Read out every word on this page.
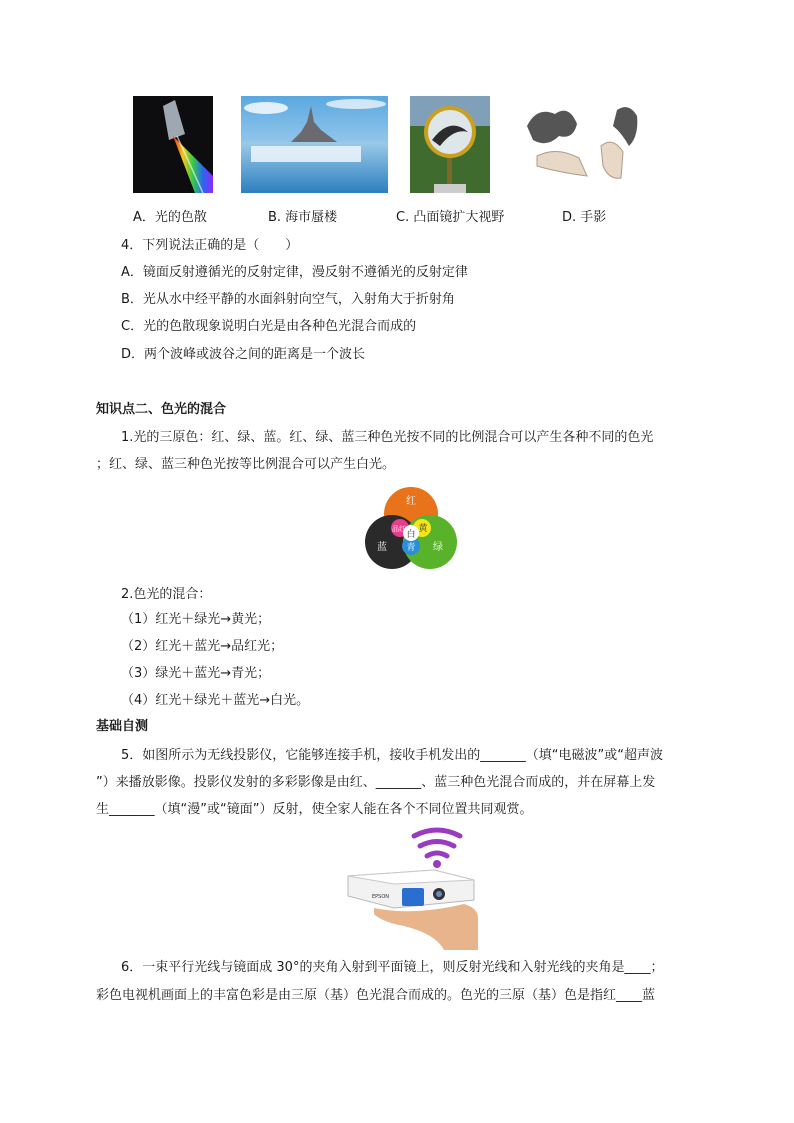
A．光的色散	B. 海市蜃楼	C. 凸面镜扩大视野	D. 手影
4．下列说法正确的是（　　）
A．镜面反射遵循光的反射定律，漫反射不遵循光的反射定律
B．光从水中经平静的水面斜射向空气，入射角大于折射角
C．光的色散现象说明白光是由各种色光混合而成的
D．两个波峰或波谷之间的距离是一个波长
知识点二、色光的混合
1.光的三原色：红、绿、蓝。红、绿、蓝三种色光按不同的比例混合可以产生各种不同的色光
；红、绿、蓝三种色光按等比例混合可以产生白光。
红
蓝	绿
黄
品红
青
白
2.色光的混合：
（1）红光＋绿光→黄光；
（2）红光＋蓝光→品红光；
（3）绿光＋蓝光→青光；
（4）红光＋绿光＋蓝光→白光。
基础自测
5．如图所示为无线投影仪，它能够连接手机，接收手机发出的_______（填“电磁波”或“超声波
”）来播放影像。投影仪发射的多彩影像是由红、_______、蓝三种色光混合而成的，并在屏幕上发
生_______（填“漫”或“镜面”）反射，使全家人能在各个不同位置共同观赏。
EPSON
6．一束平行光线与镜面成 30°的夹角入射到平面镜上，则反射光线和入射光线的夹角是____；
彩色电视机画面上的丰富色彩是由三原（基）色光混合而成的。色光的三原（基）色是指红____蓝
